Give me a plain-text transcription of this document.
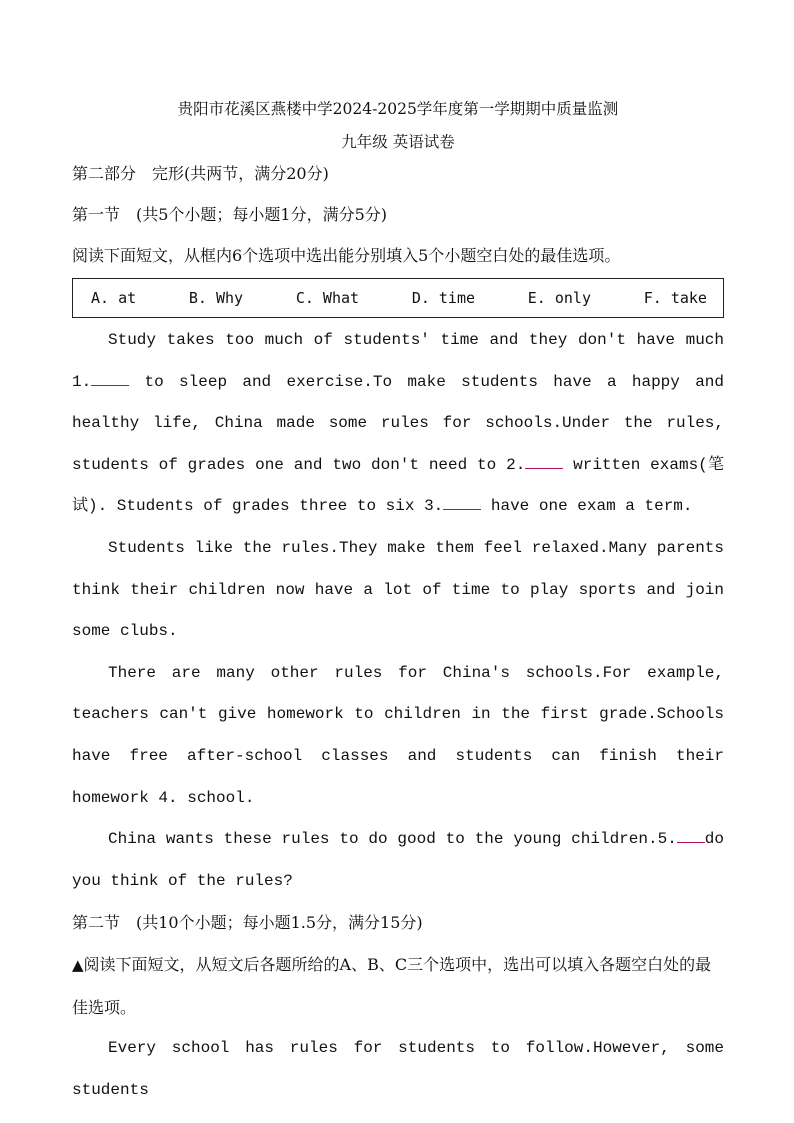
贵阳市花溪区燕楼中学2024-2025学年度第一学期期中质量监测

九年级 英语试卷

第二部分　完形(共两节，满分20分)

第一节　(共5个小题；每小题1分，满分5分)

阅读下面短文，从框内6个选项中选出能分别填入5个小题空白处的最佳选项。

A. at	B. Why	C. What	D. time	E. only	F. take

Study takes too much of students' time and they don't have much 1. to sleep and exercise.To make students have a happy and healthy life, China made some rules for schools.Under the rules, students of grades one and two don't need to 2. written exams(笔试). Students of grades three to six 3. have one exam a term.

Students like the rules.They make them feel relaxed.Many parents think their children now have a lot of time to play sports and join some clubs.

There are many other rules for China's schools.For example, teachers can't give homework to children in the first grade.Schools have free after-school classes and students can finish their homework 4. school.

China wants these rules to do good to the young children.5. do you think of the rules?

第二节　(共10个小题；每小题1.5分，满分15分)

▲阅读下面短文，从短文后各题所给的A、B、C三个选项中，选出可以填入各题空白处的最佳选项。

Every school has rules for students to follow.However, some students
